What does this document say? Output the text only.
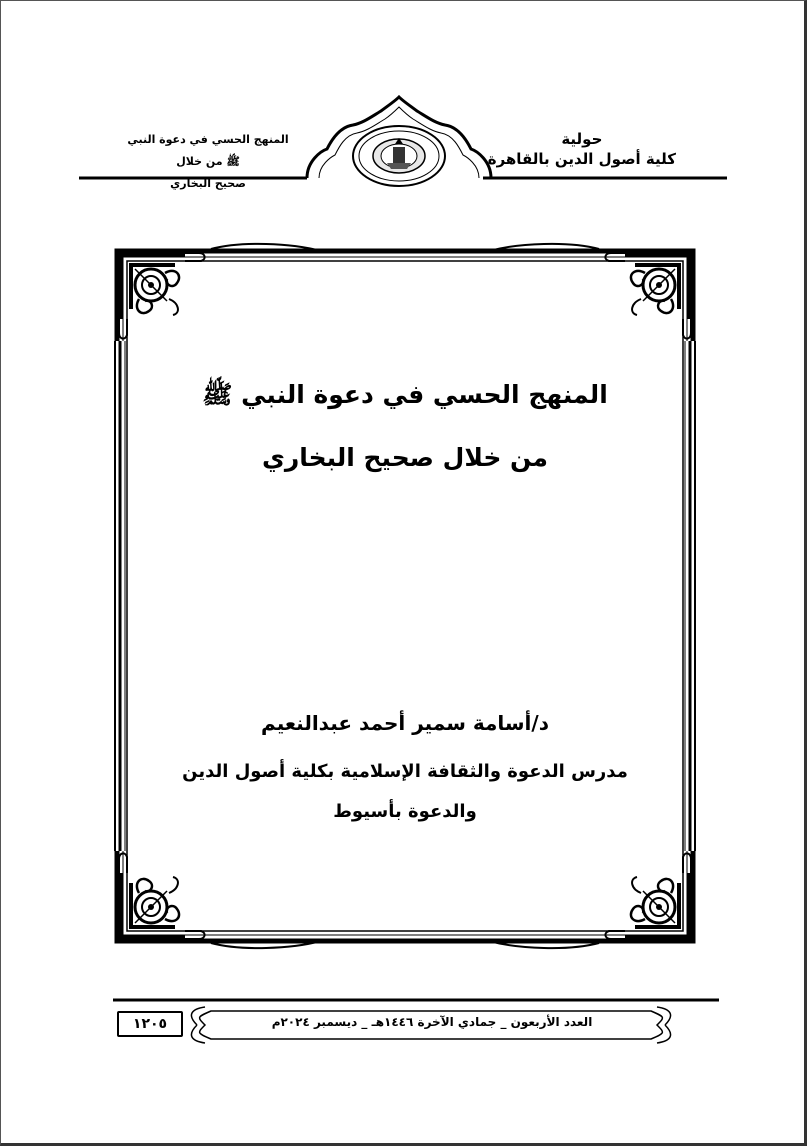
حولية
كلية أصول الدين بالقاهرة
المنهج الحسي في دعوة النبي ﷺ من خلال
صحيح البخاري
المنهج الحسي في دعوة النبي ﷺ
من خلال صحيح البخاري
د/أسامة سمير أحمد عبدالنعيم
مدرس الدعوة والثقافة الإسلامية بكلية أصول الدين
والدعوة بأسيوط
العدد الأربعون _ جمادي الآخرة ١٤٤٦هـ _ ديسمبر ٢٠٢٤م
١٢٠٥
